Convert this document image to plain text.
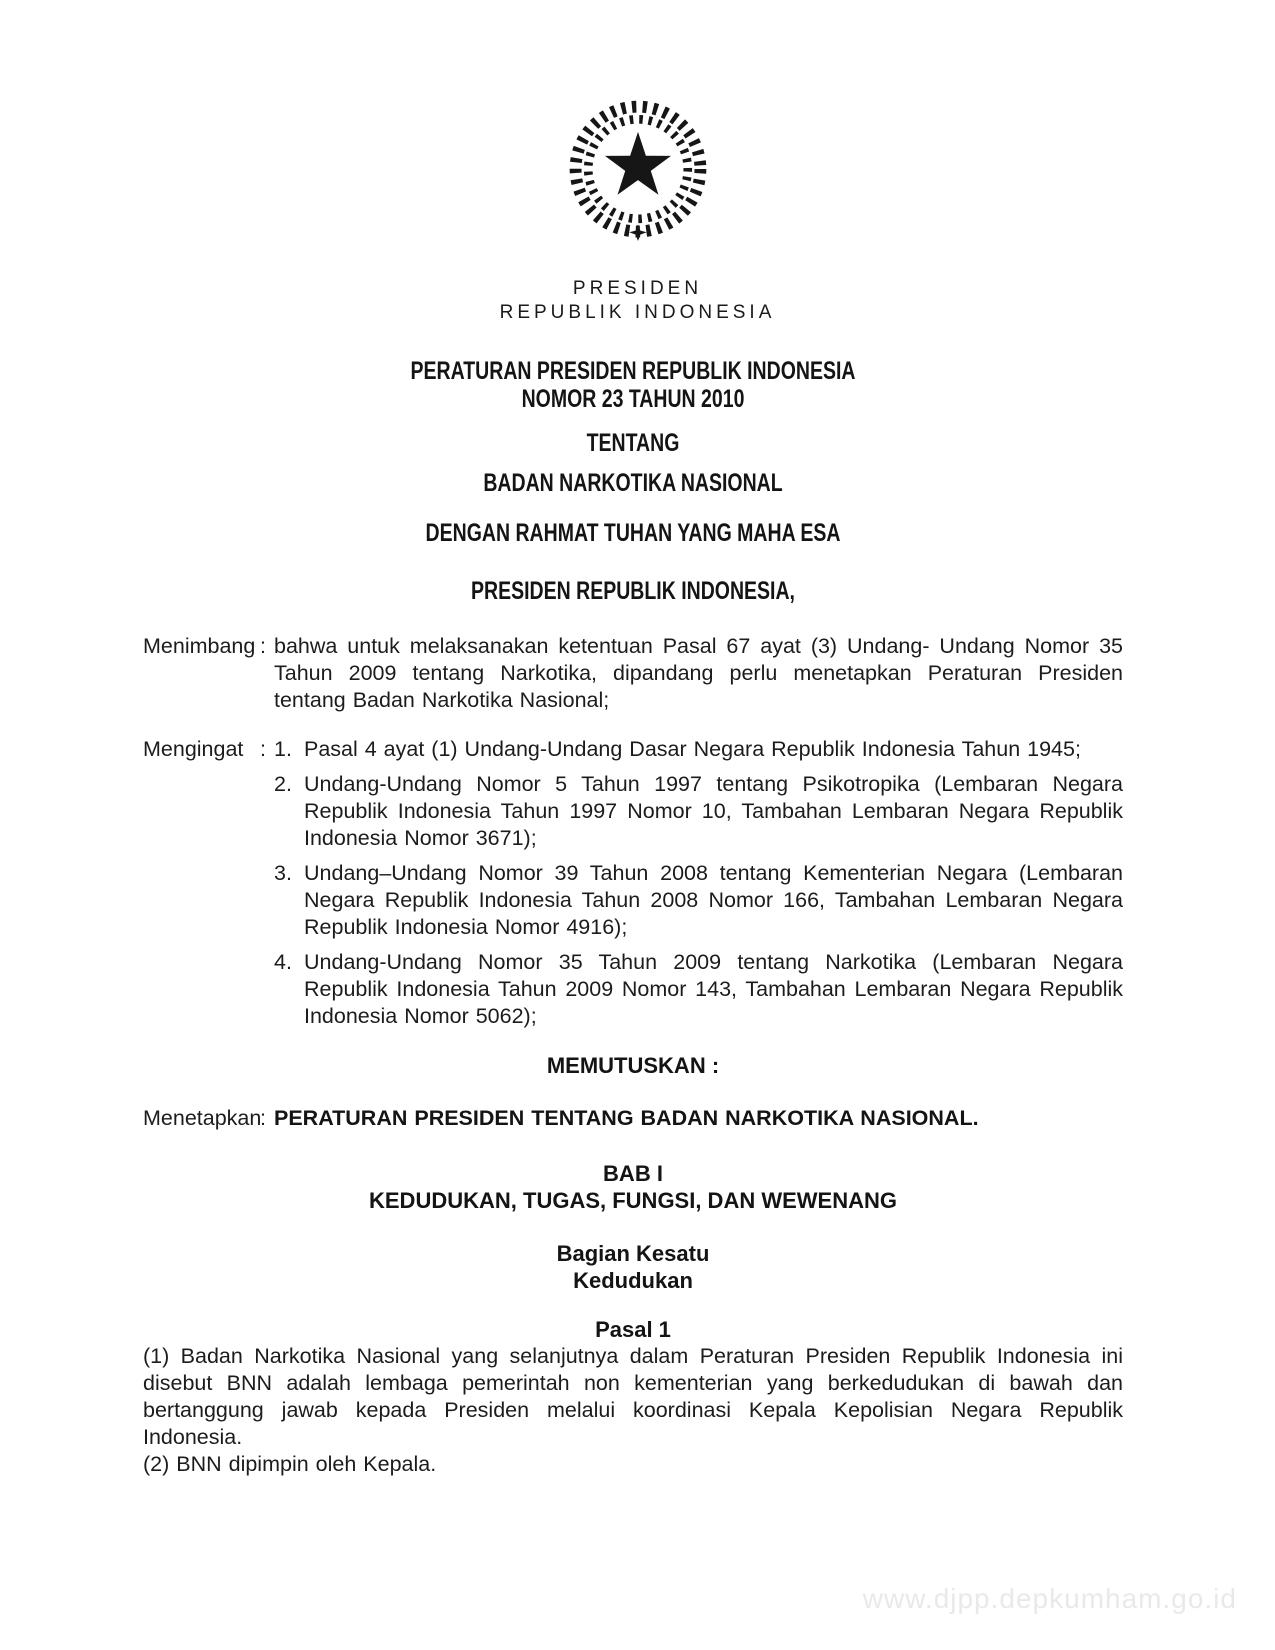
PRESIDEN
REPUBLIK INDONESIA
PERATURAN PRESIDEN REPUBLIK INDONESIA
NOMOR 23 TAHUN 2010
TENTANG
BADAN NARKOTIKA NASIONAL
DENGAN RAHMAT TUHAN YANG MAHA ESA
PRESIDEN REPUBLIK INDONESIA,
Menimbang : bahwa untuk melaksanakan ketentuan Pasal 67 ayat (3) Undang- Undang Nomor 35 Tahun 2009 tentang Narkotika, dipandang perlu menetapkan Peraturan Presiden tentang Badan Narkotika Nasional;
Mengingat : 1. Pasal 4 ayat (1) Undang-Undang Dasar Negara Republik Indonesia Tahun 1945;
2. Undang-Undang Nomor 5 Tahun 1997 tentang Psikotropika (Lembaran Negara Republik Indonesia Tahun 1997 Nomor 10, Tambahan Lembaran Negara Republik Indonesia Nomor 3671);
3. Undang–Undang Nomor 39 Tahun 2008 tentang Kementerian Negara (Lembaran Negara Republik Indonesia Tahun 2008 Nomor 166, Tambahan Lembaran Negara Republik Indonesia Nomor 4916);
4. Undang-Undang Nomor 35 Tahun 2009 tentang Narkotika (Lembaran Negara Republik Indonesia Tahun 2009 Nomor 143, Tambahan Lembaran Negara Republik Indonesia Nomor 5062);
MEMUTUSKAN :
Menetapkan
: PERATURAN PRESIDEN TENTANG BADAN NARKOTIKA NASIONAL.
BAB I
KEDUDUKAN, TUGAS, FUNGSI, DAN WEWENANG
Bagian Kesatu
Kedudukan
Pasal 1
(1) Badan Narkotika Nasional yang selanjutnya dalam Peraturan Presiden Republik Indonesia ini disebut BNN adalah lembaga pemerintah non kementerian yang berkedudukan di bawah dan bertanggung jawab kepada Presiden melalui koordinasi Kepala Kepolisian Negara Republik Indonesia.
(2) BNN dipimpin oleh Kepala.
www.djpp.depkumham.go.id
